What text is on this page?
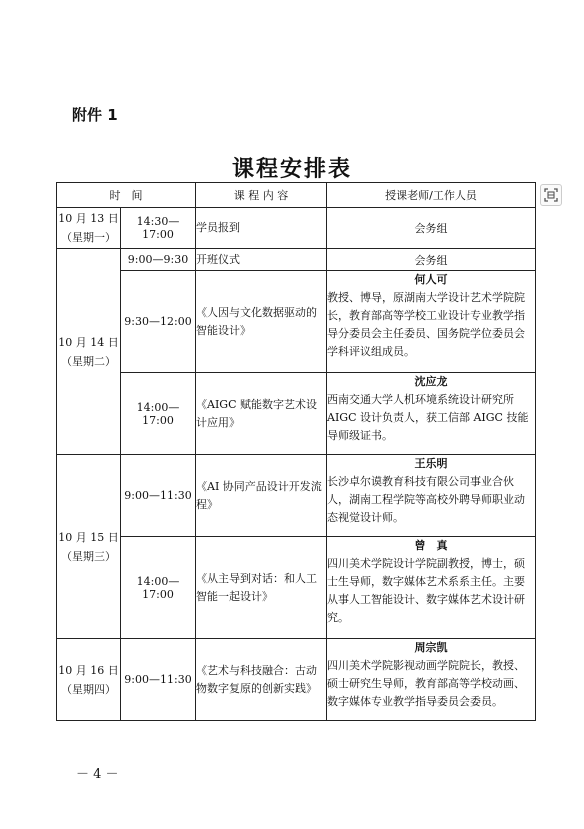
附件 1
课程安排表
时　间		课 程 内 容	授课老师/工作人员
10 月 13 日
（星期一）	14:30—17:00	学员报到	会务组
10 月 14 日
（星期二）	9:00—9:30	开班仪式	会务组
	9:30—12:00	《人因与文化数据驱动的智能设计》	何人可
教授、博导，原湖南大学设计艺术学院院长，教育部高等学校工业设计专业教学指导分委员会主任委员、国务院学位委员会学科评议组成员。

	14:00—17:00	《AIGC 赋能数字艺术设计应用》	沈应龙
西南交通大学人机环境系统设计研究所 AIGC 设计负责人，获工信部 AIGC 技能导师级证书。

10 月 15 日
（星期三）	9:00—11:30	《AI 协同产品设计开发流程》	王乐明
长沙卓尔谟教育科技有限公司事业合伙人，湖南工程学院等高校外聘导师职业动态视觉设计师。

	14:00—17:00	《从主导到对话：和人工智能一起设计》	曾　真
四川美术学院设计学院副教授，博士，硕士生导师，数字媒体艺术系系主任。主要从事人工智能设计、数字媒体艺术设计研究。

10 月 16 日
（星期四）	9:00—11:30	《艺术与科技融合：古动物数字复原的创新实践》	周宗凯
四川美术学院影视动画学院院长，教授、硕士研究生导师，教育部高等学校动画、数字媒体专业教学指导委员会委员。
－ 4 －
